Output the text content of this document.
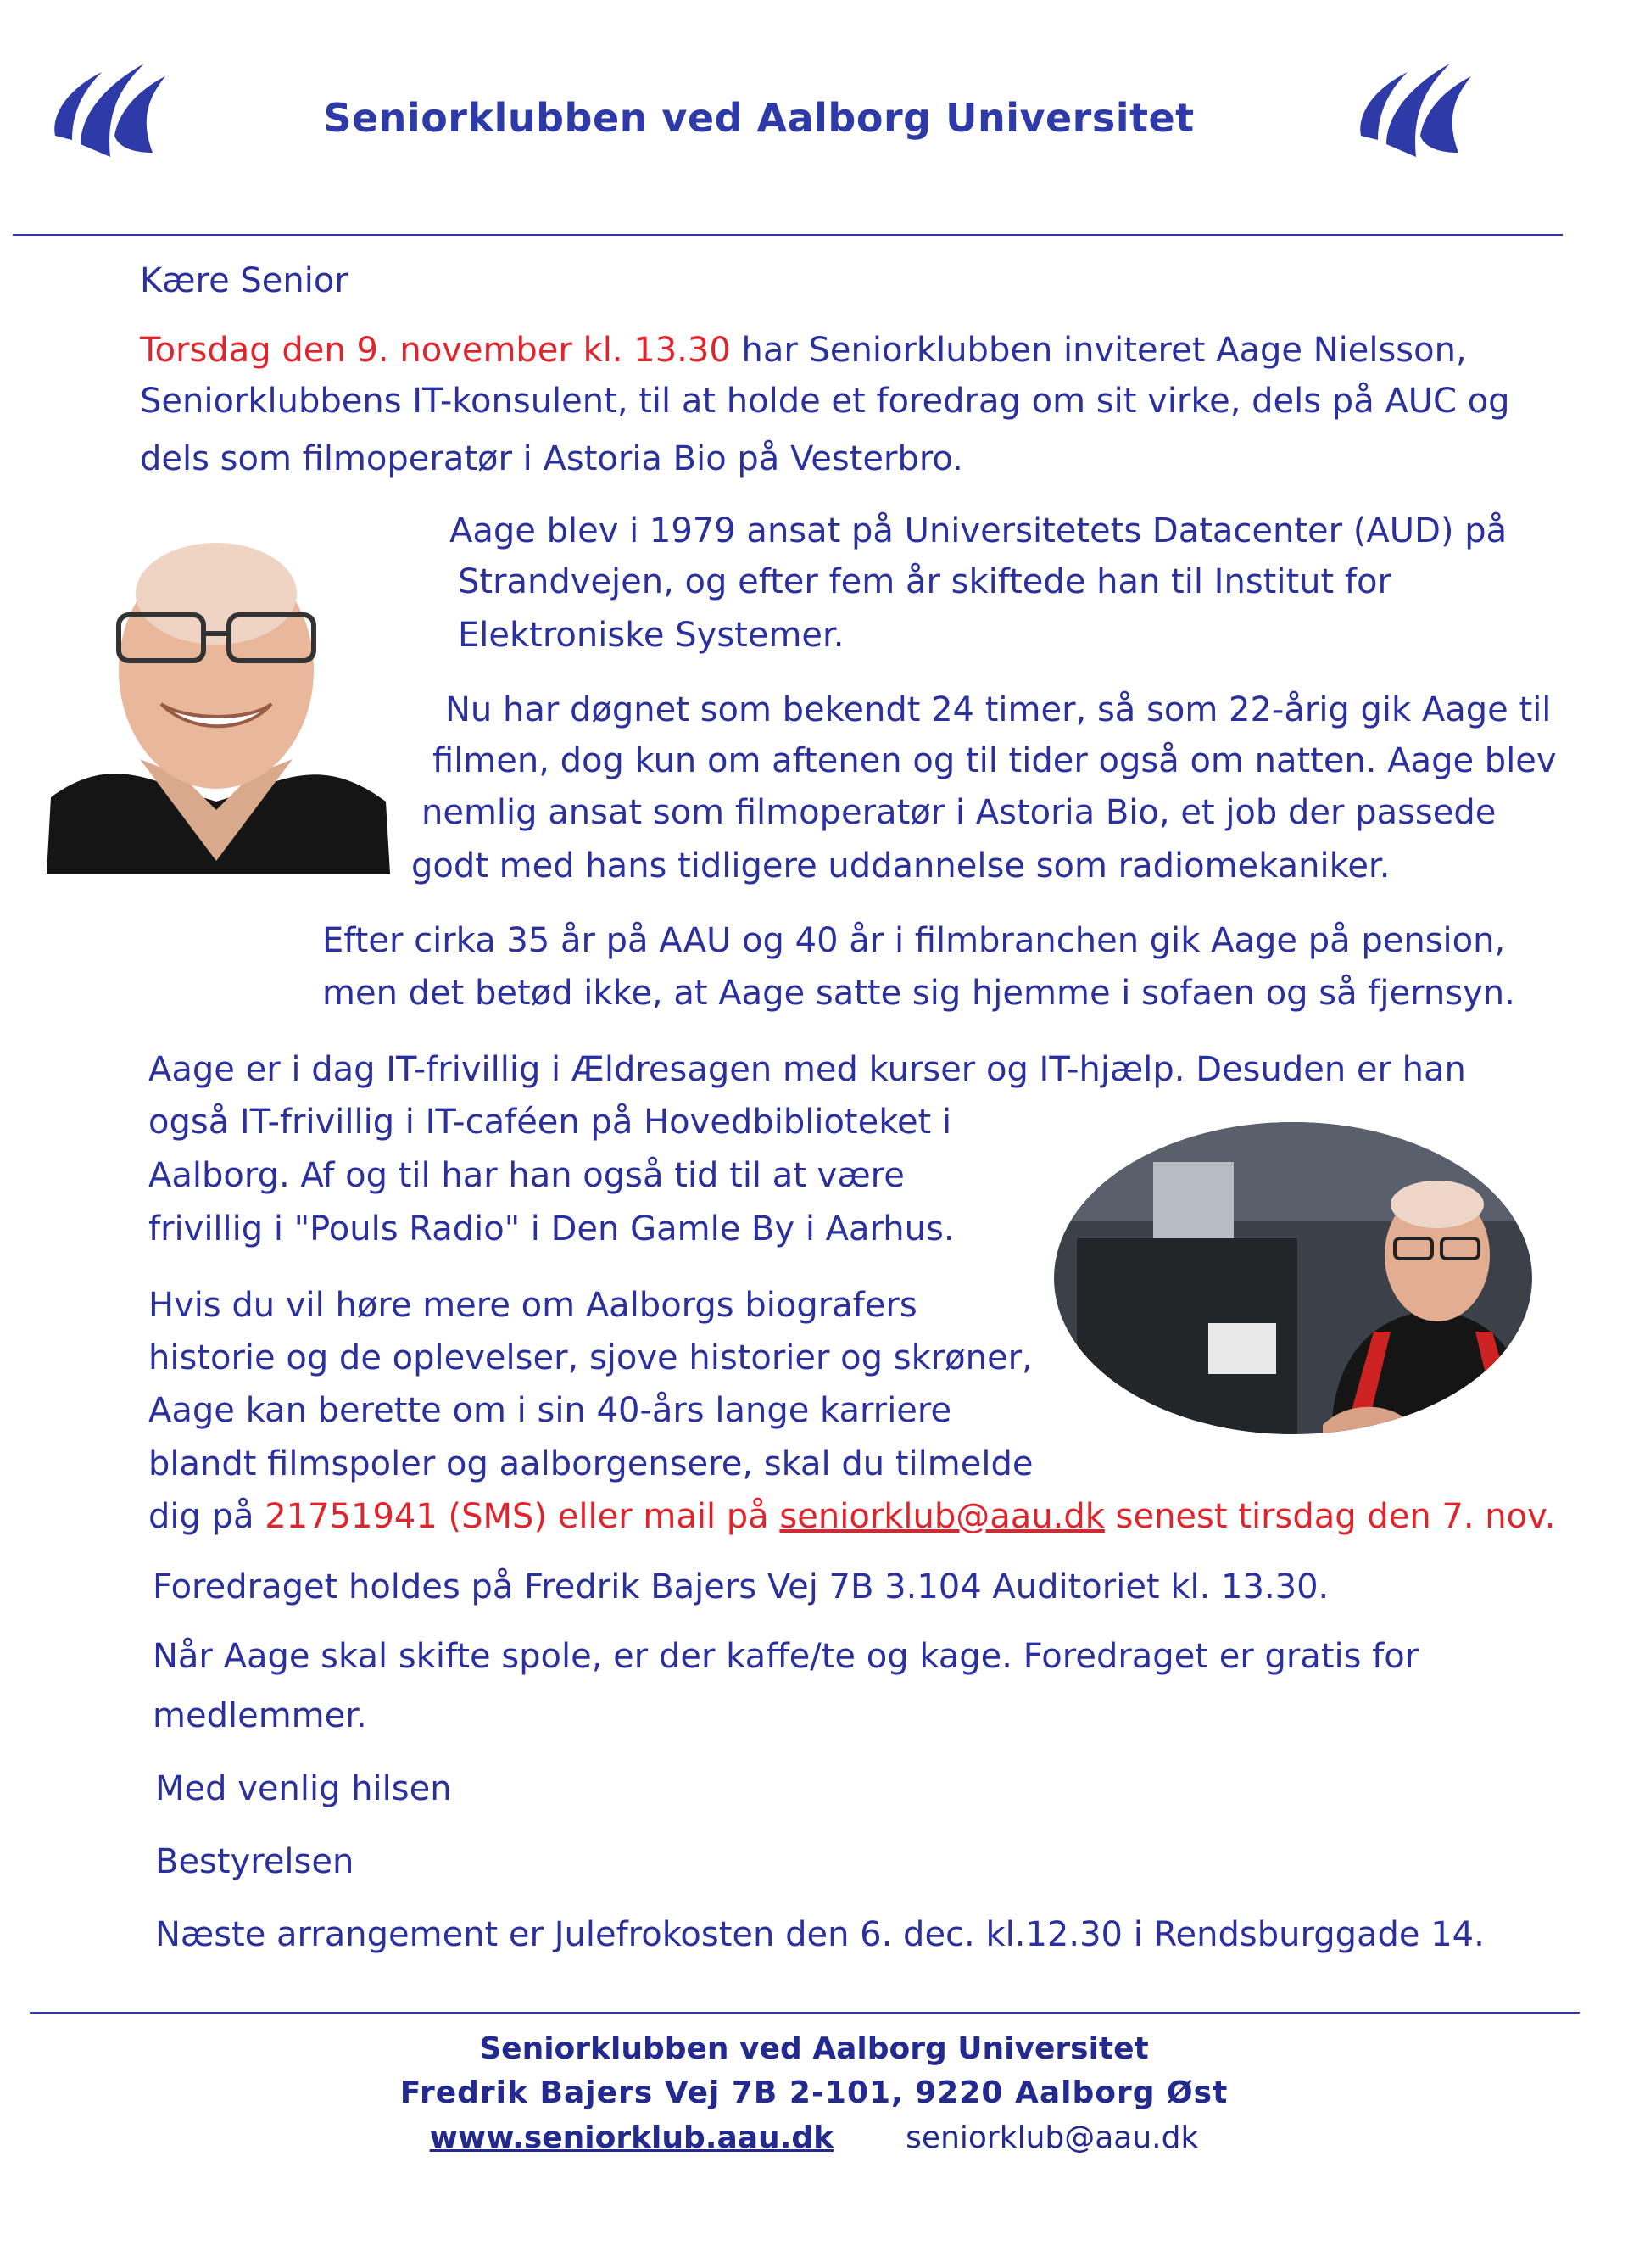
Seniorklubben ved Aalborg Universitet
Kære Senior
Torsdag den 9. november kl. 13.30 har Seniorklubben inviteret Aage Nielsson,
Seniorklubbens IT-konsulent, til at holde et foredrag om sit virke, dels på AUC og
dels som filmoperatør i Astoria Bio på Vesterbro.
Aage blev i 1979 ansat på Universitetets Datacenter (AUD) på
Strandvejen, og efter fem år skiftede han til Institut for
Elektroniske Systemer.
Nu har døgnet som bekendt 24 timer, så som 22-årig gik Aage til
filmen, dog kun om aftenen og til tider også om natten. Aage blev
nemlig ansat som filmoperatør i Astoria Bio, et job der passede
godt med hans tidligere uddannelse som radiomekaniker.
Efter cirka 35 år på AAU og 40 år i filmbranchen gik Aage på pension,
men det betød ikke, at Aage satte sig hjemme i sofaen og så fjernsyn.
Aage er i dag IT-frivillig i Ældresagen med kurser og IT-hjælp. Desuden er han
også IT-frivillig i IT-caféen på Hovedbiblioteket i
Aalborg. Af og til har han også tid til at være
frivillig i "Pouls Radio" i Den Gamle By i Aarhus.
Hvis du vil høre mere om Aalborgs biografers
historie og de oplevelser, sjove historier og skrøner,
Aage kan berette om i sin 40-års lange karriere
blandt filmspoler og aalborgensere, skal du tilmelde
dig på 21751941 (SMS) eller mail på seniorklub@aau.dk senest tirsdag den 7. nov.
Foredraget holdes på Fredrik Bajers Vej 7B 3.104 Auditoriet kl. 13.30.
Når Aage skal skifte spole, er der kaffe/te og kage. Foredraget er gratis for
medlemmer.
Med venlig hilsen
Bestyrelsen
Næste arrangement er Julefrokosten den 6. dec. kl.12.30 i Rendsburggade 14.
Seniorklubben ved Aalborg Universitet
Fredrik Bajers Vej 7B 2-101, 9220 Aalborg Øst
www.seniorklub.aau.dk seniorklub@aau.dk
